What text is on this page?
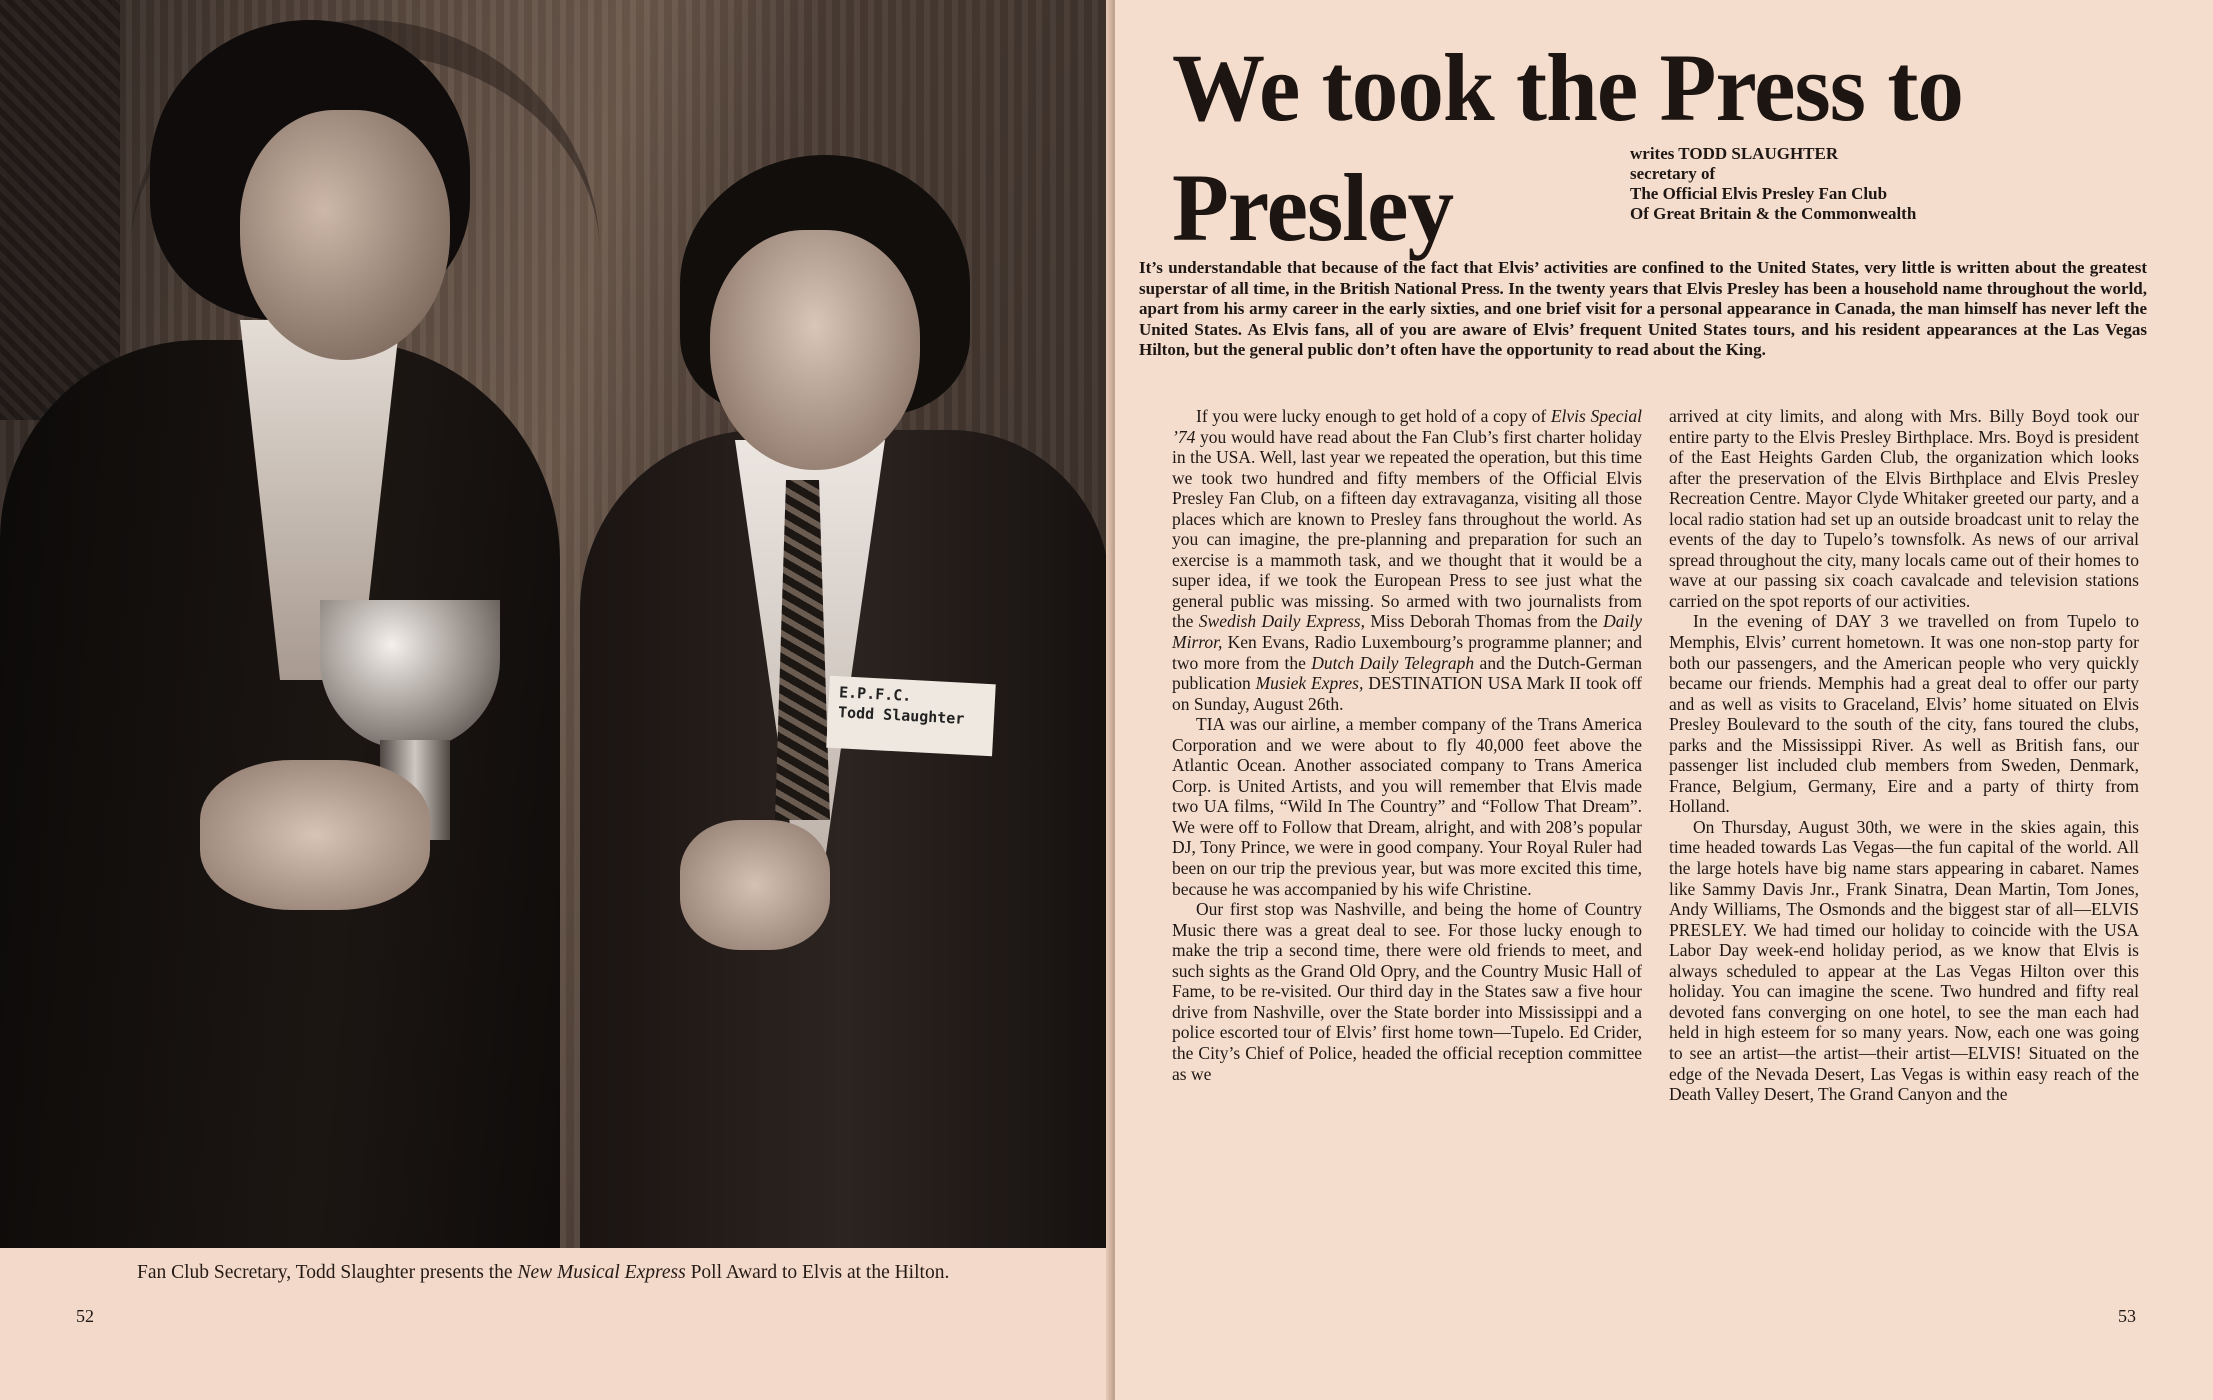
E.P.F.C.
Todd Slaughter
Fan Club Secretary, Todd Slaughter presents the New Musical Express Poll Award to Elvis at the Hilton.
52
We took the Press to
Presley
writes TODD SLAUGHTER
secretary of
The Official Elvis Presley Fan Club
Of Great Britain & the Commonwealth
It’s understandable that because of the fact that Elvis’ activities are confined to the United States, very little is written about the greatest superstar of all time, in the British National Press. In the twenty years that Elvis Presley has been a household name throughout the world, apart from his army career in the early sixties, and one brief visit for a personal appearance in Canada, the man himself has never left the United States. As Elvis fans, all of you are aware of Elvis’ frequent United States tours, and his resident appearances at the Las Vegas Hilton, but the general public don’t often have the opportunity to read about the King.

If you were lucky enough to get hold of a copy of Elvis Special ’74 you would have read about the Fan Club’s first charter holiday in the USA. Well, last year we repeated the operation, but this time we took two hundred and fifty members of the Official Elvis Presley Fan Club, on a fifteen day extravaganza, visiting all those places which are known to Presley fans throughout the world. As you can imagine, the pre-planning and preparation for such an exercise is a mammoth task, and we thought that it would be a super idea, if we took the European Press to see just what the general public was missing. So armed with two journalists from the Swedish Daily Express, Miss Deborah Thomas from the Daily Mirror, Ken Evans, Radio Luxembourg’s programme planner; and two more from the Dutch Daily Telegraph and the Dutch-German publication Musiek Expres, DESTINATION USA Mark II took off on Sunday, August 26th.

TIA was our airline, a member company of the Trans America Corporation and we were about to fly 40,000 feet above the Atlantic Ocean. Another associated company to Trans America Corp. is United Artists, and you will remember that Elvis made two UA films, “Wild In The Country” and “Follow That Dream”. We were off to Follow that Dream, alright, and with 208’s popular DJ, Tony Prince, we were in good company. Your Royal Ruler had been on our trip the previous year, but was more excited this time, because he was accompanied by his wife Christine.

Our first stop was Nashville, and being the home of Country Music there was a great deal to see. For those lucky enough to make the trip a second time, there were old friends to meet, and such sights as the Grand Old Opry, and the Country Music Hall of Fame, to be re-visited. Our third day in the States saw a five hour drive from Nashville, over the State border into Mississippi and a police escorted tour of Elvis’ first home town—Tupelo. Ed Crider, the City’s Chief of Police, headed the official reception committee as we

arrived at city limits, and along with Mrs. Billy Boyd took our entire party to the Elvis Presley Birthplace. Mrs. Boyd is president of the East Heights Garden Club, the organization which looks after the preservation of the Elvis Birthplace and Elvis Presley Recreation Centre. Mayor Clyde Whitaker greeted our party, and a local radio station had set up an outside broadcast unit to relay the events of the day to Tupelo’s townsfolk. As news of our arrival spread throughout the city, many locals came out of their homes to wave at our passing six coach cavalcade and television stations carried on the spot reports of our activities.

In the evening of DAY 3 we travelled on from Tupelo to Memphis, Elvis’ current hometown. It was one non-stop party for both our passengers, and the American people who very quickly became our friends. Memphis had a great deal to offer our party and as well as visits to Graceland, Elvis’ home situated on Elvis Presley Boulevard to the south of the city, fans toured the clubs, parks and the Mississippi River. As well as British fans, our passenger list included club members from Sweden, Denmark, France, Belgium, Germany, Eire and a party of thirty from Holland.

On Thursday, August 30th, we were in the skies again, this time headed towards Las Vegas—the fun capital of the world. All the large hotels have big name stars appearing in cabaret. Names like Sammy Davis Jnr., Frank Sinatra, Dean Martin, Tom Jones, Andy Williams, The Osmonds and the biggest star of all—ELVIS PRESLEY. We had timed our holiday to coincide with the USA Labor Day week-end holiday period, as we know that Elvis is always scheduled to appear at the Las Vegas Hilton over this holiday. You can imagine the scene. Two hundred and fifty real devoted fans converging on one hotel, to see the man each had held in high esteem for so many years. Now, each one was going to see an artist—the artist—their artist—ELVIS! Situated on the edge of the Nevada Desert, Las Vegas is within easy reach of the Death Valley Desert, The Grand Canyon and the

53
